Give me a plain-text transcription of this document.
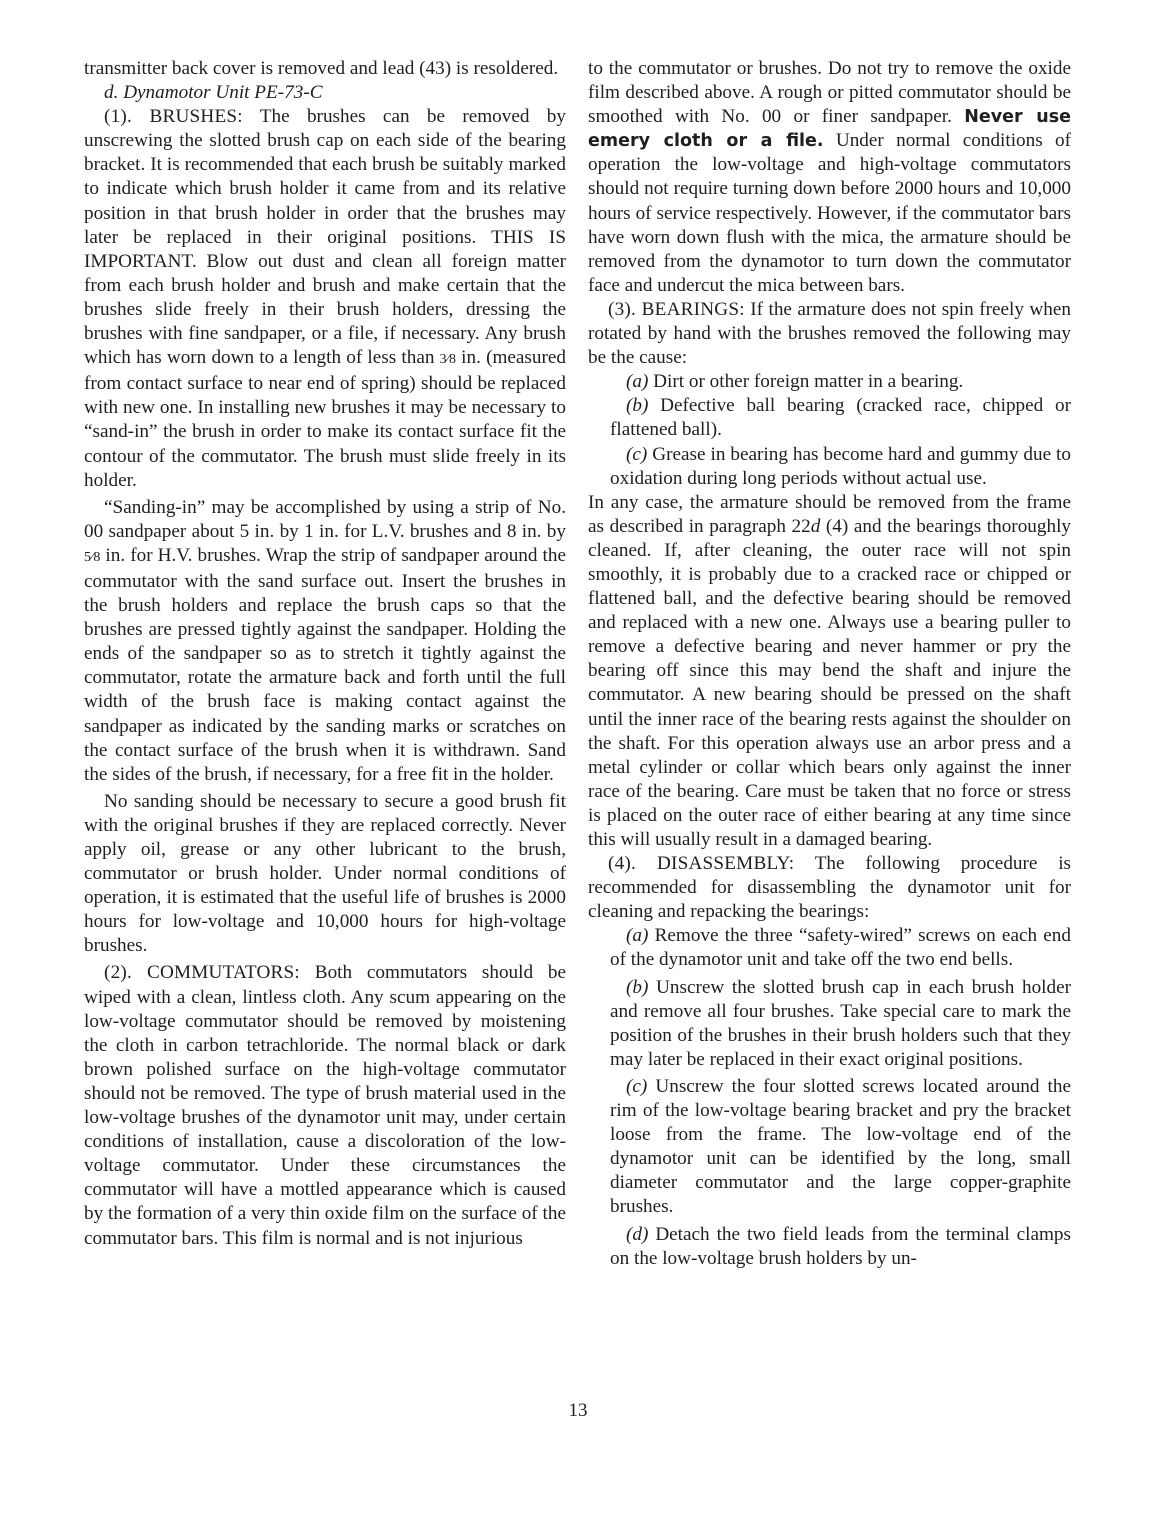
transmitter back cover is removed and lead (43) is resoldered.

d. Dynamotor Unit PE-73-C

(1). BRUSHES: The brushes can be removed by unscrewing the slotted brush cap on each side of the bearing bracket. It is recommended that each brush be suitably marked to indicate which brush holder it came from and its relative position in that brush holder in order that the brushes may later be replaced in their original positions. THIS IS IMPORTANT. Blow out dust and clean all foreign matter from each brush holder and brush and make certain that the brushes slide freely in their brush holders, dressing the brushes with fine sandpaper, or a file, if necessary. Any brush which has worn down to a length of less than 3⁄8 in. (measured from contact surface to near end of spring) should be replaced with new one. In installing new brushes it may be necessary to “sand-in” the brush in order to make its contact surface fit the contour of the commutator. The brush must slide freely in its holder.

“Sanding-in” may be accomplished by using a strip of No. 00 sandpaper about 5 in. by 1 in. for L.V. brushes and 8 in. by 5⁄8 in. for H.V. brushes. Wrap the strip of sandpaper around the commutator with the sand surface out. Insert the brushes in the brush holders and replace the brush caps so that the brushes are pressed tightly against the sandpaper. Holding the ends of the sandpaper so as to stretch it tightly against the commutator, rotate the armature back and forth until the full width of the brush face is making contact against the sandpaper as indicated by the sanding marks or scratches on the contact surface of the brush when it is withdrawn. Sand the sides of the brush, if necessary, for a free fit in the holder.

No sanding should be necessary to secure a good brush fit with the original brushes if they are replaced correctly. Never apply oil, grease or any other lubricant to the brush, commutator or brush holder. Under normal conditions of operation, it is estimated that the useful life of brushes is 2000 hours for low-voltage and 10,000 hours for high-voltage brushes.

(2). COMMUTATORS: Both commutators should be wiped with a clean, lintless cloth. Any scum appearing on the low-voltage commutator should be removed by moistening the cloth in carbon tetrachloride. The normal black or dark brown polished surface on the high-voltage commutator should not be removed. The type of brush material used in the low-voltage brushes of the dynamotor unit may, under certain conditions of installation, cause a discoloration of the low-voltage commutator. Under these circumstances the commutator will have a mottled appearance which is caused by the formation of a very thin oxide film on the surface of the commutator bars. This film is normal and is not injurious

to the commutator or brushes. Do not try to remove the oxide film described above. A rough or pitted commutator should be smoothed with No. 00 or finer sandpaper. Never use emery cloth or a file. Under normal conditions of operation the low-voltage and high-voltage commutators should not require turning down before 2000 hours and 10,000 hours of service respectively. However, if the commutator bars have worn down flush with the mica, the armature should be removed from the dynamotor to turn down the commutator face and undercut the mica between bars.

(3). BEARINGS: If the armature does not spin freely when rotated by hand with the brushes removed the following may be the cause:

(a) Dirt or other foreign matter in a bearing.

(b) Defective ball bearing (cracked race, chipped or flattened ball).

(c) Grease in bearing has become hard and gummy due to oxidation during long periods without actual use.

In any case, the armature should be removed from the frame as described in paragraph 22d (4) and the bearings thoroughly cleaned. If, after cleaning, the outer race will not spin smoothly, it is probably due to a cracked race or chipped or flattened ball, and the defective bearing should be removed and replaced with a new one. Always use a bearing puller to remove a defective bearing and never hammer or pry the bearing off since this may bend the shaft and injure the commutator. A new bearing should be pressed on the shaft until the inner race of the bearing rests against the shoulder on the shaft. For this operation always use an arbor press and a metal cylinder or collar which bears only against the inner race of the bearing. Care must be taken that no force or stress is placed on the outer race of either bearing at any time since this will usually result in a damaged bearing.

(4). DISASSEMBLY: The following procedure is recommended for disassembling the dynamotor unit for cleaning and repacking the bearings:

(a) Remove the three “safety-wired” screws on each end of the dynamotor unit and take off the two end bells.

(b) Unscrew the slotted brush cap in each brush holder and remove all four brushes. Take special care to mark the position of the brushes in their brush holders such that they may later be replaced in their exact original positions.

(c) Unscrew the four slotted screws located around the rim of the low-voltage bearing bracket and pry the bracket loose from the frame. The low-voltage end of the dynamotor unit can be identified by the long, small diameter commutator and the large copper-graphite brushes.

(d) Detach the two field leads from the terminal clamps on the low-voltage brush holders by un-

13
